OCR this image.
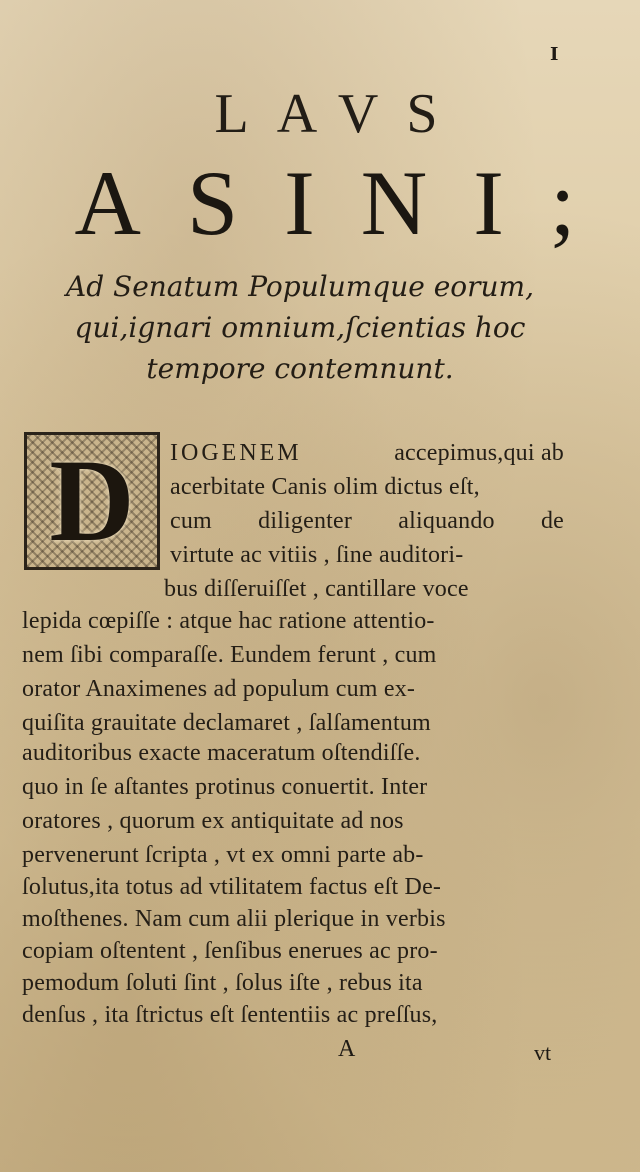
I
LAVS
ASINI;
Ad Senatum Populumque eorum,
qui,ignari omnium,ſcientias hoc
tempore contemnunt.
D	IOGENEM	accepimus,qui ab
acerbitate Canis olim dictus eſt,
cum diligenter aliquando de
virtute ac vitiis , ſine auditori-
bus diſſeruiſſet , cantillare voce
lepida cœpiſſe : atque hac ratione attentio-
nem ſibi comparaſſe. Eundem ferunt , cum
orator Anaximenes ad populum cum ex-
quiſita grauitate declamaret , ſalſamentum
auditoribus exacte maceratum oſtendiſſe.
quo in ſe aſtantes protinus conuertit. Inter
oratores , quorum ex antiquitate ad nos
pervenerunt ſcripta , vt ex omni parte ab-
ſolutus,ita totus ad vtilitatem factus eſt De-
moſthenes. Nam cum alii plerique in verbis
copiam oſtentent , ſenſibus enerues ac pro-
pemodum ſoluti ſint , ſolus iſte , rebus ita
denſus , ita ſtrictus eſt ſententiis ac preſſus,
A	vt
